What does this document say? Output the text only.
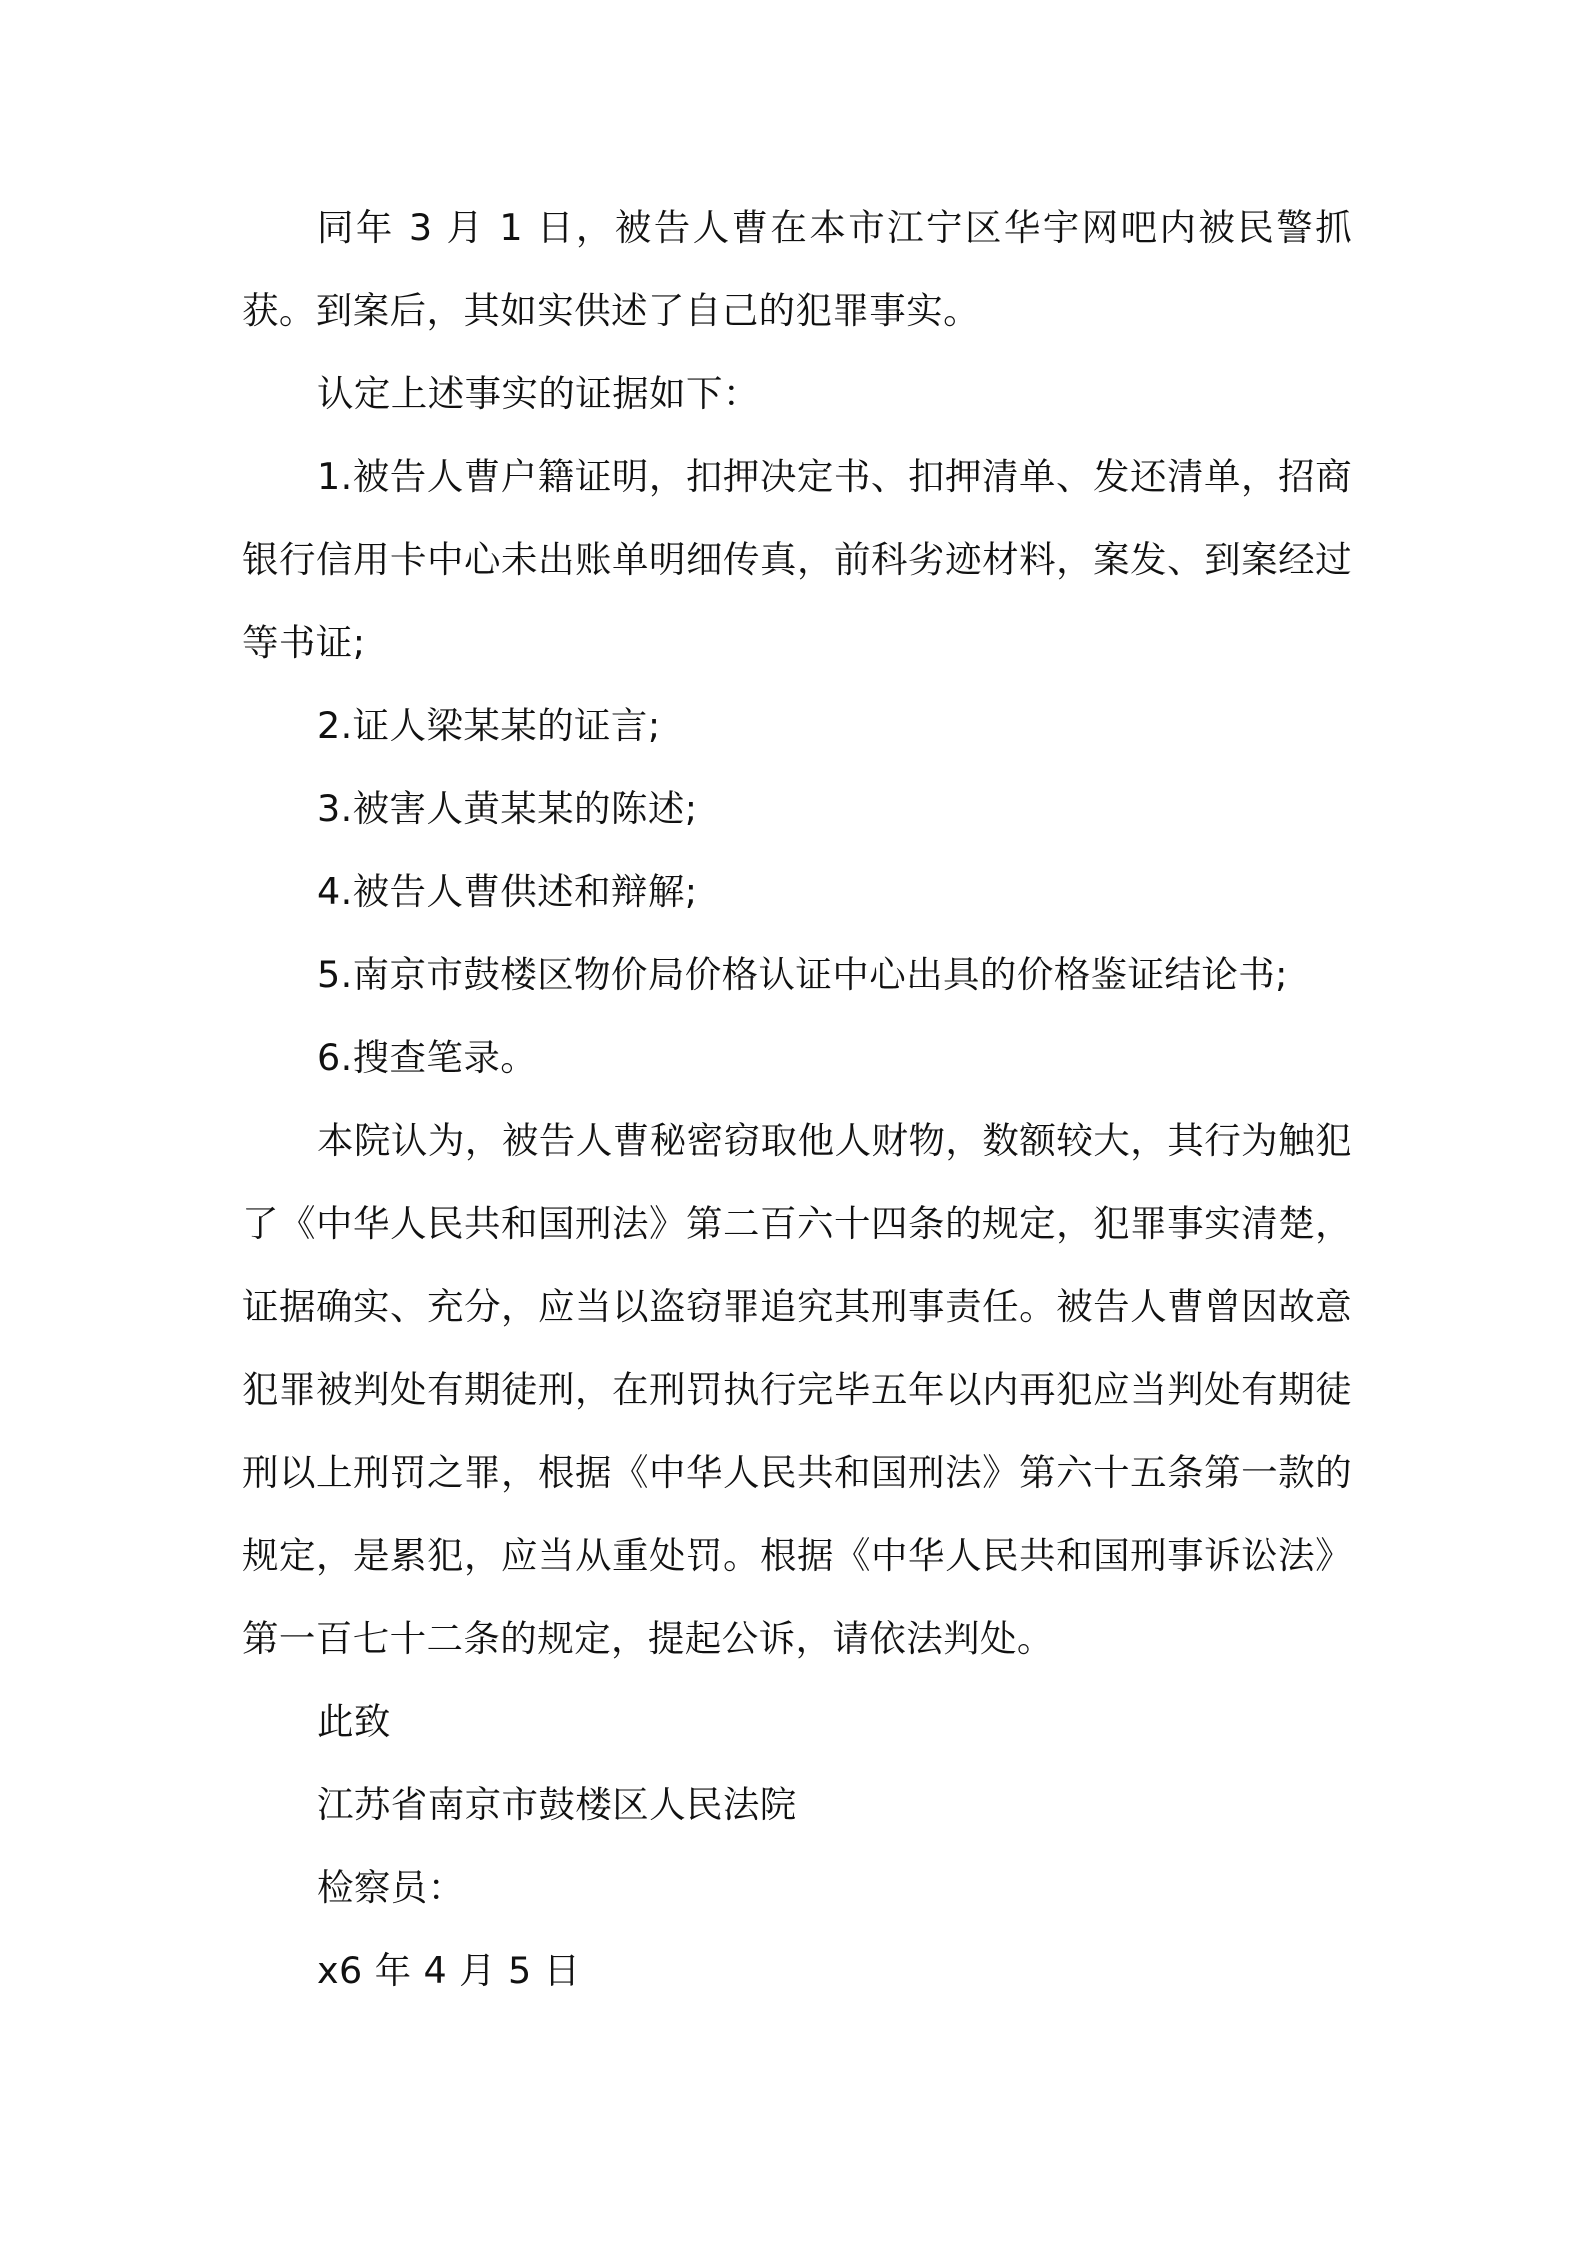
同年 3 月 1 日，被告人曹在本市江宁区华宇网吧内被民警抓获。到案后，其如实供述了自己的犯罪事实。

认定上述事实的证据如下：

1.被告人曹户籍证明，扣押决定书、扣押清单、发还清单，招商银行信用卡中心未出账单明细传真，前科劣迹材料，案发、到案经过等书证;

2.证人梁某某的证言;

3.被害人黄某某的陈述;

4.被告人曹供述和辩解;

5.南京市鼓楼区物价局价格认证中心出具的价格鉴证结论书;

6.搜查笔录。

本院认为，被告人曹秘密窃取他人财物，数额较大，其行为触犯了《中华人民共和国刑法》第二百六十四条的规定，犯罪事实清楚，证据确实、充分，应当以盗窃罪追究其刑事责任。被告人曹曾因故意犯罪被判处有期徒刑，在刑罚执行完毕五年以内再犯应当判处有期徒刑以上刑罚之罪，根据《中华人民共和国刑法》第六十五条第一款的规定，是累犯，应当从重处罚。根据《中华人民共和国刑事诉讼法》第一百七十二条的规定，提起公诉，请依法判处。

此致

江苏省南京市鼓楼区人民法院

检察员：

x6 年 4 月 5 日
